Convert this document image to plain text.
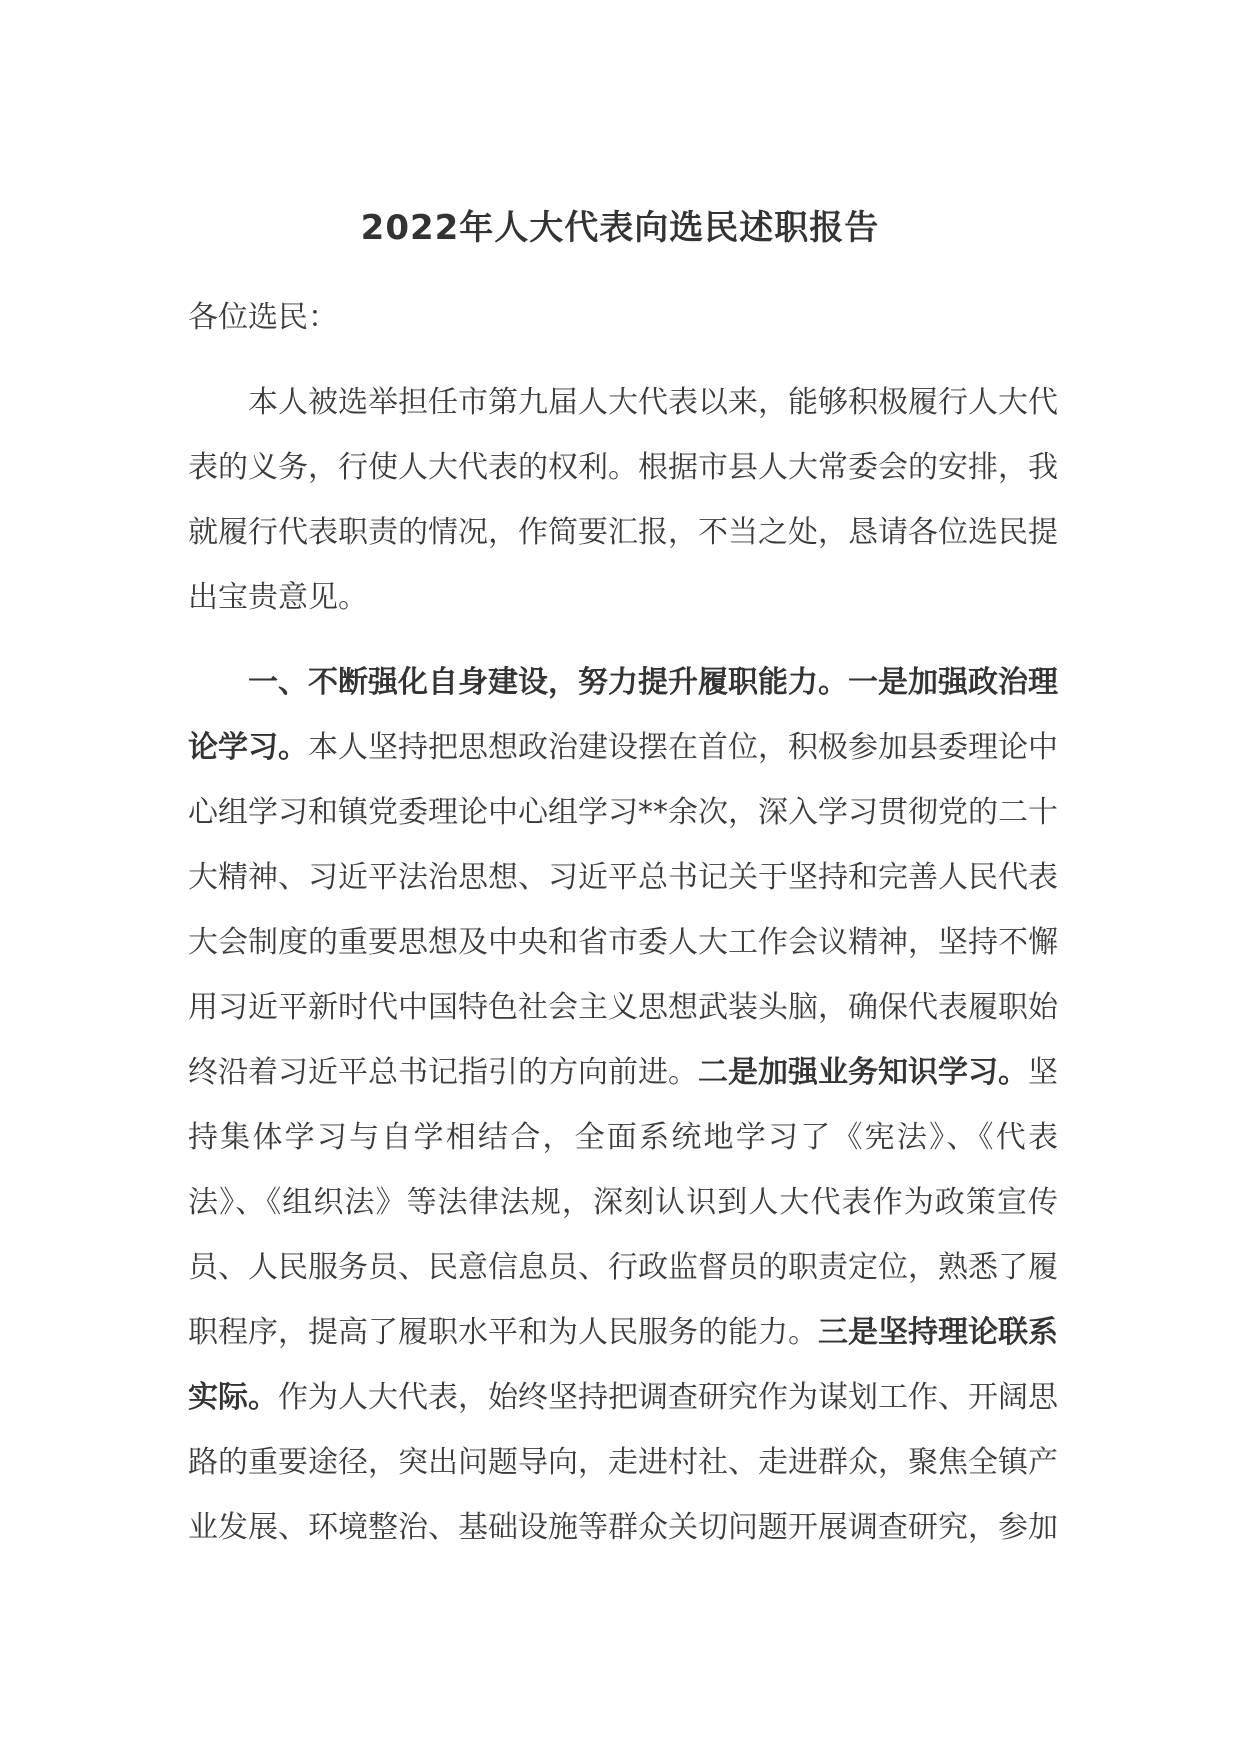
2022年人大代表向选民述职报告

各位选民：

本人被选举担任市第九届人大代表以来，能够积极履行人大代表的义务，行使人大代表的权利。根据市县人大常委会的安排，我就履行代表职责的情况，作简要汇报，不当之处，恳请各位选民提出宝贵意见。

一、不断强化自身建设，努力提升履职能力。一是加强政治理论学习。本人坚持把思想政治建设摆在首位，积极参加县委理论中心组学习和镇党委理论中心组学习**余次，深入学习贯彻党的二十大精神、习近平法治思想、习近平总书记关于坚持和完善人民代表大会制度的重要思想及中央和省市委人大工作会议精神，坚持不懈用习近平新时代中国特色社会主义思想武装头脑，确保代表履职始终沿着习近平总书记指引的方向前进。二是加强业务知识学习。坚持集体学习与自学相结合，全面系统地学习了《宪法》、《代表法》、《组织法》等法律法规，深刻认识到人大代表作为政策宣传员、人民服务员、民意信息员、行政监督员的职责定位，熟悉了履职程序，提高了履职水平和为人民服务的能力。三是坚持理论联系实际。作为人大代表，始终坚持把调查研究作为谋划工作、开阔思路的重要途径，突出问题导向，走进村社、走进群众，聚焦全镇产业发展、环境整治、基础设施等群众关切问题开展调查研究，参加
